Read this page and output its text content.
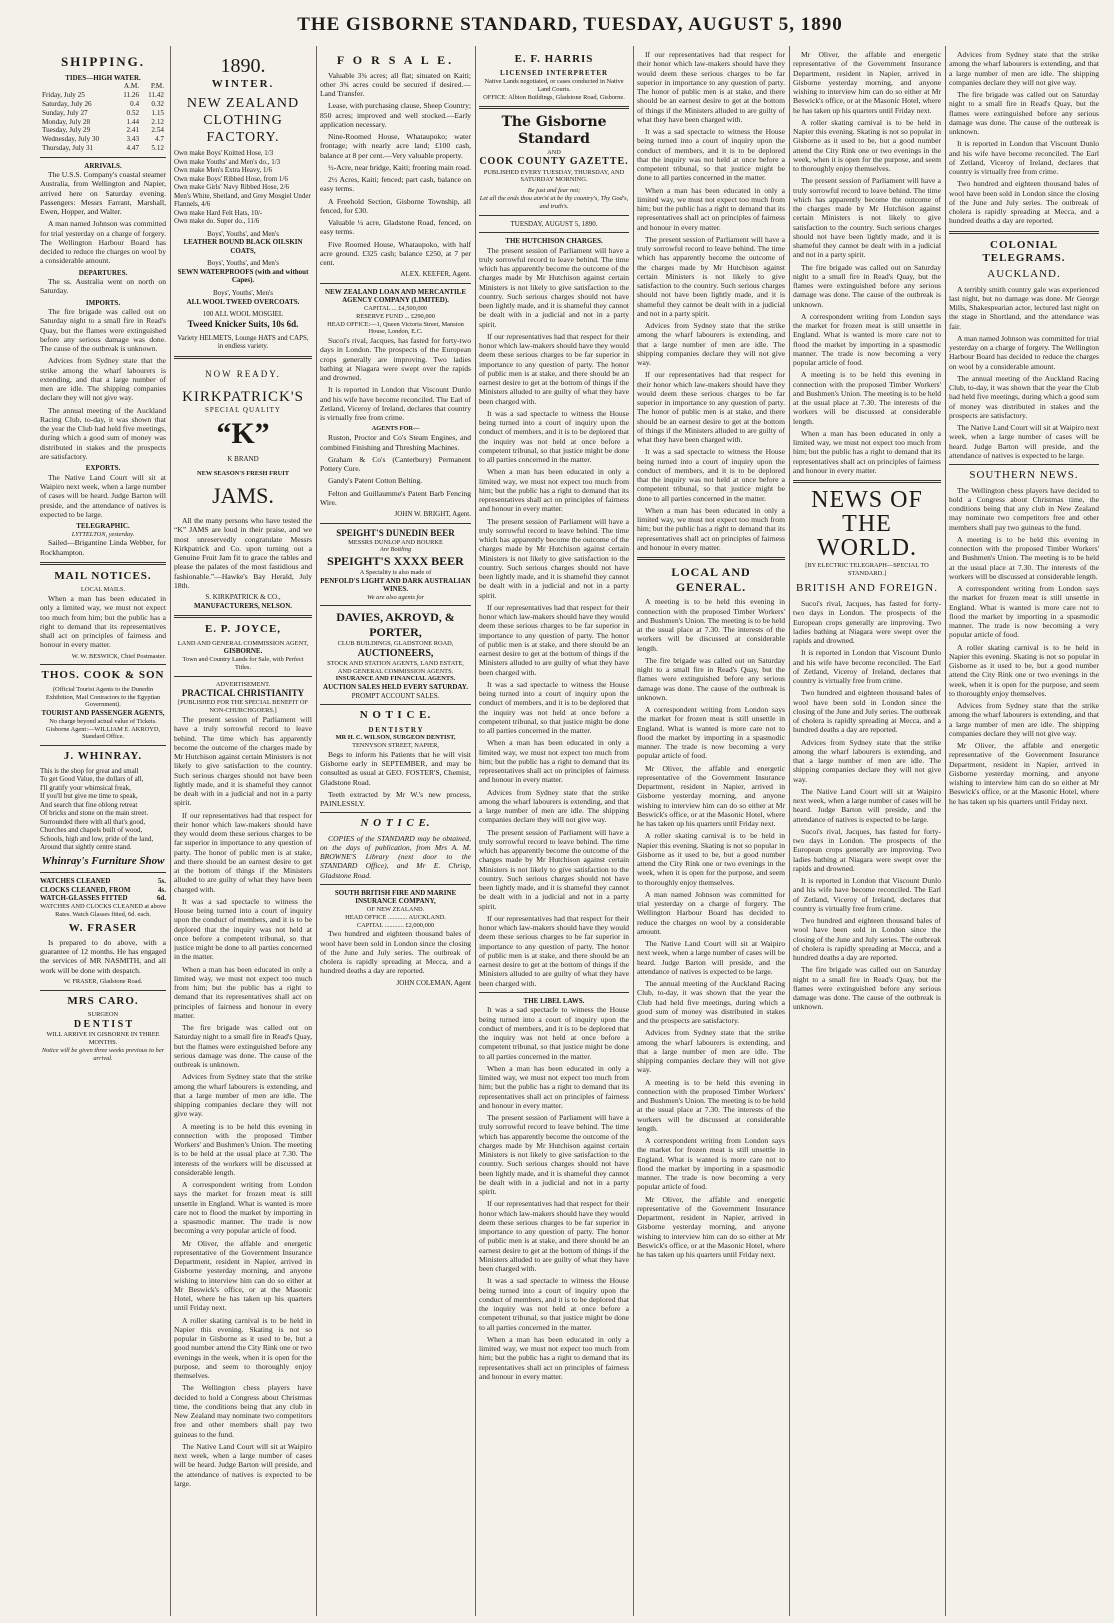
THE GISBORNE STANDARD, TUESDAY, AUGUST 5, 1890
SHIPPING.
TIDES—HIGH WATER.
	A.M.	P.M.
Friday, July 25	11.26	11.42
Saturday, July 26	0.4	0.32
Sunday, July 27	0.52	1.15
Monday, July 28	1.44	2.12
Tuesday, July 29	2.41	2.54
Wednesday, July 30	3.43	4.7
Thursday, July 31	4.47	5.12
ARRIVALS.

The U.S.S. Company's coastal steamer Australia, from Wellington and Napier, arrived here on Saturday evening. Passengers: Messrs Farrant, Marshall, Ewen, Hopper, and Walter.

A man named Johnson was committed for trial yesterday on a charge of forgery. The Wellington Harbour Board has decided to reduce the charges on wool by a considerable amount.

DEPARTURES.

The ss. Australia went on north on Saturday.

IMPORTS.

The fire brigade was called out on Saturday night to a small fire in Read's Quay, but the flames were extinguished before any serious damage was done. The cause of the outbreak is unknown.

Advices from Sydney state that the strike among the wharf labourers is extending, and that a large number of men are idle. The shipping companies declare they will not give way.

The annual meeting of the Auckland Racing Club, to-day, it was shown that the year the Club had held five meetings, during which a good sum of money was distributed in stakes and the prospects are satisfactory.

EXPORTS.

The Native Land Court will sit at Waipiro next week, when a large number of cases will be heard. Judge Barton will preside, and the attendance of natives is expected to be large.

TELEGRAPHIC.
LYTTELTON, yesterday.

Sailed—Brigantine Linda Webber, for Rockhampton.

MAIL NOTICES.
LOCAL MAILS.

When a man has been educated in only a limited way, we must not expect too much from him; but the public has a right to demand that its representatives shall act on principles of fairness and honour in every matter.

W. W. BESWICK, Chief Postmaster.
THOS. COOK & SON
(Official Tourist Agents to the Dunedin Exhibition, Mail Contractors to the Egyptian Government).
TOURIST AND PASSENGER AGENTS,
No charge beyond actual value of Tickets.
Gisborne Agent:—WILLIAM E. AKROYD, Standard Office.
J. WHINRAY.
This is the shop for great and small
To get Good Value, the dollars of all,
I'll gratify your whimsical freak,
If you'll but give me time to speak,
And search that fine oblong retreat
Of bricks and stone on the main street.
Surrounded there with all that's good,
Churches and chapels built of wood,
Schools, high and low, pride of the land,
Around that sightly centre stand.
Whinray's Furniture Show
WATCHES CLEANED	5s.
CLOCKS CLEANED, FROM	4s.
WATCH-GLASSES FITTED	6d.
WATCHES AND CLOCKS CLEANED at above Rates. Watch Glasses fitted, 6d. each.
W. FRASER

Is prepared to do above, with a guarantee of 12 months. He has engaged the services of MR NASMITH, and all work will be done with despatch.

W. FRASER, Gladstone Road.
MRS CARO.
SURGEON
D E N T I S T
WILL ARRIVE IN GISBORNE IN THREE MONTHS.
Notice will be given three weeks previous to her arrival.
1890.
WINTER.
NEW ZEALAND CLOTHING FACTORY.
Own make Boys' Knitted Hose, 1/3
Own make Youths' and Men's do., 1/3
Own make Men's Extra Heavy, 1/6
Own make Boys' Ribbed Hose, from 1/6
Own make Girls' Navy Ribbed Hose, 2/6
Men's White, Shetland, and Grey Mosgiel Under Flannels, 4/6
Own make Hard Felt Hats, 10/-
Own make do. Super do., 11/6
Boys', Youths', and Men's
LEATHER BOUND BLACK OILSKIN COATS,
Boys', Youths', and Men's
SEWN WATERPROOFS (with and without Capes).
Boys', Youths', Men's
ALL WOOL TWEED OVERCOATS.
100 ALL WOOL MOSGIEL
Tweed Knicker Suits, 10s 6d.
Variety HELMETS, Lounge HATS and CAPS, in endless variety.
NOW READY.
KIRKPATRICK'S
SPECIAL QUALITY
“K”
K BRAND
NEW SEASON'S FRESH FRUIT
JAMS.

All the many persons who have tested the “K” JAMS are loud in their praise, and we most unreservedly congratulate Messrs Kirkpatrick and Co. upon turning out a Genuine Fruit Jam fit to grace the tables and please the palates of the most fastidious and fashionable.”—Hawke's Bay Herald, July 18th.

S. KIRKPATRICK & CO.,
MANUFACTURERS, NELSON.
E. P. JOYCE,
LAND AND GENERAL COMMISSION AGENT,
GISBORNE.
Town and Country Lands for Sale, with Perfect Titles.
ADVERTISEMENT.
PRACTICAL CHRISTIANITY
[PUBLISHED FOR THE SPECIAL BENEFIT OF NON-CHURCHGOERS.]

The present session of Parliament will have a truly sorrowful record to leave behind. The time which has apparently become the outcome of the charges made by Mr Hutchison against certain Ministers is not likely to give satisfaction to the country. Such serious charges should not have been lightly made, and it is shameful they cannot be dealt with in a judicial and not in a party spirit.

If our representatives had that respect for their honor which law-makers should have they would deem these serious charges to be far superior in importance to any question of party. The honor of public men is at stake, and there should be an earnest desire to get at the bottom of things if the Ministers alluded to are guilty of what they have been charged with.

It was a sad spectacle to witness the House being turned into a court of inquiry upon the conduct of members, and it is to be deplored that the inquiry was not held at once before a competent tribunal, so that justice might be done to all parties concerned in the matter.

When a man has been educated in only a limited way, we must not expect too much from him; but the public has a right to demand that its representatives shall act on principles of fairness and honour in every matter.

The fire brigade was called out on Saturday night to a small fire in Read's Quay, but the flames were extinguished before any serious damage was done. The cause of the outbreak is unknown.

Advices from Sydney state that the strike among the wharf labourers is extending, and that a large number of men are idle. The shipping companies declare they will not give way.

A meeting is to be held this evening in connection with the proposed Timber Workers' and Bushmen's Union. The meeting is to be held at the usual place at 7.30. The interests of the workers will be discussed at considerable length.

A correspondent writing from London says the market for frozen meat is still unsettle in England. What is wanted is more care not to flood the market by importing in a spasmodic manner. The trade is now becoming a very popular article of food.

Mr Oliver, the affable and energetic representative of the Government Insurance Department, resident in Napier, arrived in Gisborne yesterday morning, and anyone wishing to interview him can do so either at Mr Beswick's office, or at the Masonic Hotel, where he has taken up his quarters until Friday next.

A roller skating carnival is to be held in Napier this evening. Skating is not so popular in Gisborne as it used to be, but a good number attend the City Rink one or two evenings in the week, when it is open for the purpose, and seem to thoroughly enjoy themselves.

The Wellington chess players have decided to hold a Congress about Christmas time, the conditions being that any club in New Zealand may nominate two competitors free and other members shall pay two guineas to the fund.

The Native Land Court will sit at Waipiro next week, when a large number of cases will be heard. Judge Barton will preside, and the attendance of natives is expected to be large.

F O R S A L E.

Valuable 3¾ acres; all flat; situated on Kaiti; other 3¾ acres could be secured if desired.—Land Transfer.

Lease, with purchasing clause, Sheep Country; 850 acres; improved and well stocked.—Early application necessary.

Nine-Roomed House, Whataupoko; water frontage; with nearly acre land; £100 cash, balance at 8 per cent.—Very valuable property.

½-Acre, near bridge, Kaiti; fronting main road.

2½ Acres, Kaiti; fenced; part cash, balance on easy terms.

A Freehold Section, Gisborne Township, all fenced, for £30.

Valuable ¼ acre, Gladstone Road, fenced, on easy terms.

Five Roomed House, Whataupoko, with half acre ground. £325 cash; balance £250, at 7 per cent.

ALEX. KEEFER, Agent.
NEW ZEALAND LOAN AND MERCANTILE AGENCY COMPANY (LIMITED).
CAPITAL ... £4,500,000
RESERVE FUND ... £290,000
HEAD OFFICE:—1, Queen Victoria Street, Mansion House, London, E.C.

Sucoi's rival, Jacques, has fasted for forty-two days in London. The prospects of the European crops generally are improving. Two ladies bathing at Niagara were swept over the rapids and drowned.

It is reported in London that Viscount Dunlo and his wife have become reconciled. The Earl of Zetland, Viceroy of Ireland, declares that country is virtually free from crime.

AGENTS FOR—

Ruston, Proctor and Co's Steam Engines, and combined Finishing and Threshing Machines.

Graham & Co's (Canterbury) Permanent Pottery Cure.

Gandy's Patent Cotton Belting.

Felton and Guillaumme's Patent Barb Fencing Wire.

JOHN W. BRIGHT, Agent.
SPEIGHT'S DUNEDIN BEER
MESSRS DUNLOP AND BOURKE
Are Bottling
SPEIGHT'S XXXX BEER
A Speciality is also made of
PENFOLD'S LIGHT AND DARK AUSTRALIAN WINES.
We are also agents for
DAVIES, AKROYD, & PORTER,
CLUB BUILDINGS, GLADSTONE ROAD,
AUCTIONEERS,
STOCK AND STATION AGENTS, LAND ESTATE, AND GENERAL COMMISSION AGENTS.
INSURANCE AND FINANCIAL AGENTS.
AUCTION SALES HELD EVERY SATURDAY.
PROMPT ACCOUNT SALES.
N O T I C E.
D E N T I S T R Y
MR H. C. WILSON, SURGEON DENTIST,
TENNYSON STREET, NAPIER,

Begs to inform his Patients that he will visit Gisborne early in SEPTEMBER, and may be consulted as usual at GEO. FOSTER'S, Chemist, Gladstone Road.

Teeth extracted by Mr W.'s new process, PAINLESSLY.

N O T I C E.

COPIES of the STANDARD may be obtained, on the days of publication, from Mrs A. M. BROWNE'S Library (next door to the STANDARD Office), and Mr E. Chrisp, Gladstone Road.

SOUTH BRITISH FIRE AND MARINE INSURANCE COMPANY,
OF NEW ZEALAND.
HEAD OFFICE ............ AUCKLAND.
CAPITAL ............ £2,000,000

Two hundred and eighteen thousand bales of wool have been sold in London since the closing of the June and July series. The outbreak of cholera is rapidly spreading at Mecca, and a hundred deaths a day are reported.

JOHN COLEMAN, Agent
E. F. HARRIS
LICENSED INTERPRETER
Native Lands negotiated, or cases conducted in Native Land Courts.
OFFICE: Albion Buildings, Gladstone Road, Gisborne.
The Gisborne Standard
AND
COOK COUNTY GAZETTE.
PUBLISHED EVERY TUESDAY, THURSDAY, AND SATURDAY MORNING.
Be just and fear not;
Let all the ends thou aim'st at be thy country's, Thy God's, and truth's.
TUESDAY, AUGUST 5, 1890.
THE HUTCHISON CHARGES.

The present session of Parliament will have a truly sorrowful record to leave behind. The time which has apparently become the outcome of the charges made by Mr Hutchison against certain Ministers is not likely to give satisfaction to the country. Such serious charges should not have been lightly made, and it is shameful they cannot be dealt with in a judicial and not in a party spirit.

If our representatives had that respect for their honor which law-makers should have they would deem these serious charges to be far superior in importance to any question of party. The honor of public men is at stake, and there should be an earnest desire to get at the bottom of things if the Ministers alluded to are guilty of what they have been charged with.

It was a sad spectacle to witness the House being turned into a court of inquiry upon the conduct of members, and it is to be deplored that the inquiry was not held at once before a competent tribunal, so that justice might be done to all parties concerned in the matter.

When a man has been educated in only a limited way, we must not expect too much from him; but the public has a right to demand that its representatives shall act on principles of fairness and honour in every matter.

The present session of Parliament will have a truly sorrowful record to leave behind. The time which has apparently become the outcome of the charges made by Mr Hutchison against certain Ministers is not likely to give satisfaction to the country. Such serious charges should not have been lightly made, and it is shameful they cannot be dealt with in a judicial and not in a party spirit.

If our representatives had that respect for their honor which law-makers should have they would deem these serious charges to be far superior in importance to any question of party. The honor of public men is at stake, and there should be an earnest desire to get at the bottom of things if the Ministers alluded to are guilty of what they have been charged with.

It was a sad spectacle to witness the House being turned into a court of inquiry upon the conduct of members, and it is to be deplored that the inquiry was not held at once before a competent tribunal, so that justice might be done to all parties concerned in the matter.

When a man has been educated in only a limited way, we must not expect too much from him; but the public has a right to demand that its representatives shall act on principles of fairness and honour in every matter.

Advices from Sydney state that the strike among the wharf labourers is extending, and that a large number of men are idle. The shipping companies declare they will not give way.

The present session of Parliament will have a truly sorrowful record to leave behind. The time which has apparently become the outcome of the charges made by Mr Hutchison against certain Ministers is not likely to give satisfaction to the country. Such serious charges should not have been lightly made, and it is shameful they cannot be dealt with in a judicial and not in a party spirit.

If our representatives had that respect for their honor which law-makers should have they would deem these serious charges to be far superior in importance to any question of party. The honor of public men is at stake, and there should be an earnest desire to get at the bottom of things if the Ministers alluded to are guilty of what they have been charged with.

THE LIBEL LAWS.

It was a sad spectacle to witness the House being turned into a court of inquiry upon the conduct of members, and it is to be deplored that the inquiry was not held at once before a competent tribunal, so that justice might be done to all parties concerned in the matter.

When a man has been educated in only a limited way, we must not expect too much from him; but the public has a right to demand that its representatives shall act on principles of fairness and honour in every matter.

The present session of Parliament will have a truly sorrowful record to leave behind. The time which has apparently become the outcome of the charges made by Mr Hutchison against certain Ministers is not likely to give satisfaction to the country. Such serious charges should not have been lightly made, and it is shameful they cannot be dealt with in a judicial and not in a party spirit.

If our representatives had that respect for their honor which law-makers should have they would deem these serious charges to be far superior in importance to any question of party. The honor of public men is at stake, and there should be an earnest desire to get at the bottom of things if the Ministers alluded to are guilty of what they have been charged with.

It was a sad spectacle to witness the House being turned into a court of inquiry upon the conduct of members, and it is to be deplored that the inquiry was not held at once before a competent tribunal, so that justice might be done to all parties concerned in the matter.

When a man has been educated in only a limited way, we must not expect too much from him; but the public has a right to demand that its representatives shall act on principles of fairness and honour in every matter.

If our representatives had that respect for their honor which law-makers should have they would deem these serious charges to be far superior in importance to any question of party. The honor of public men is at stake, and there should be an earnest desire to get at the bottom of things if the Ministers alluded to are guilty of what they have been charged with.

It was a sad spectacle to witness the House being turned into a court of inquiry upon the conduct of members, and it is to be deplored that the inquiry was not held at once before a competent tribunal, so that justice might be done to all parties concerned in the matter.

When a man has been educated in only a limited way, we must not expect too much from him; but the public has a right to demand that its representatives shall act on principles of fairness and honour in every matter.

The present session of Parliament will have a truly sorrowful record to leave behind. The time which has apparently become the outcome of the charges made by Mr Hutchison against certain Ministers is not likely to give satisfaction to the country. Such serious charges should not have been lightly made, and it is shameful they cannot be dealt with in a judicial and not in a party spirit.

Advices from Sydney state that the strike among the wharf labourers is extending, and that a large number of men are idle. The shipping companies declare they will not give way.

If our representatives had that respect for their honor which law-makers should have they would deem these serious charges to be far superior in importance to any question of party. The honor of public men is at stake, and there should be an earnest desire to get at the bottom of things if the Ministers alluded to are guilty of what they have been charged with.

It was a sad spectacle to witness the House being turned into a court of inquiry upon the conduct of members, and it is to be deplored that the inquiry was not held at once before a competent tribunal, so that justice might be done to all parties concerned in the matter.

When a man has been educated in only a limited way, we must not expect too much from him; but the public has a right to demand that its representatives shall act on principles of fairness and honour in every matter.

LOCAL AND GENERAL.

A meeting is to be held this evening in connection with the proposed Timber Workers' and Bushmen's Union. The meeting is to be held at the usual place at 7.30. The interests of the workers will be discussed at considerable length.

The fire brigade was called out on Saturday night to a small fire in Read's Quay, but the flames were extinguished before any serious damage was done. The cause of the outbreak is unknown.

A correspondent writing from London says the market for frozen meat is still unsettle in England. What is wanted is more care not to flood the market by importing in a spasmodic manner. The trade is now becoming a very popular article of food.

Mr Oliver, the affable and energetic representative of the Government Insurance Department, resident in Napier, arrived in Gisborne yesterday morning, and anyone wishing to interview him can do so either at Mr Beswick's office, or at the Masonic Hotel, where he has taken up his quarters until Friday next.

A roller skating carnival is to be held in Napier this evening. Skating is not so popular in Gisborne as it used to be, but a good number attend the City Rink one or two evenings in the week, when it is open for the purpose, and seem to thoroughly enjoy themselves.

A man named Johnson was committed for trial yesterday on a charge of forgery. The Wellington Harbour Board has decided to reduce the charges on wool by a considerable amount.

The Native Land Court will sit at Waipiro next week, when a large number of cases will be heard. Judge Barton will preside, and the attendance of natives is expected to be large.

The annual meeting of the Auckland Racing Club, to-day, it was shown that the year the Club had held five meetings, during which a good sum of money was distributed in stakes and the prospects are satisfactory.

Advices from Sydney state that the strike among the wharf labourers is extending, and that a large number of men are idle. The shipping companies declare they will not give way.

A meeting is to be held this evening in connection with the proposed Timber Workers' and Bushmen's Union. The meeting is to be held at the usual place at 7.30. The interests of the workers will be discussed at considerable length.

A correspondent writing from London says the market for frozen meat is still unsettle in England. What is wanted is more care not to flood the market by importing in a spasmodic manner. The trade is now becoming a very popular article of food.

Mr Oliver, the affable and energetic representative of the Government Insurance Department, resident in Napier, arrived in Gisborne yesterday morning, and anyone wishing to interview him can do so either at Mr Beswick's office, or at the Masonic Hotel, where he has taken up his quarters until Friday next.

Mr Oliver, the affable and energetic representative of the Government Insurance Department, resident in Napier, arrived in Gisborne yesterday morning, and anyone wishing to interview him can do so either at Mr Beswick's office, or at the Masonic Hotel, where he has taken up his quarters until Friday next.

A roller skating carnival is to be held in Napier this evening. Skating is not so popular in Gisborne as it used to be, but a good number attend the City Rink one or two evenings in the week, when it is open for the purpose, and seem to thoroughly enjoy themselves.

The present session of Parliament will have a truly sorrowful record to leave behind. The time which has apparently become the outcome of the charges made by Mr Hutchison against certain Ministers is not likely to give satisfaction to the country. Such serious charges should not have been lightly made, and it is shameful they cannot be dealt with in a judicial and not in a party spirit.

The fire brigade was called out on Saturday night to a small fire in Read's Quay, but the flames were extinguished before any serious damage was done. The cause of the outbreak is unknown.

A correspondent writing from London says the market for frozen meat is still unsettle in England. What is wanted is more care not to flood the market by importing in a spasmodic manner. The trade is now becoming a very popular article of food.

A meeting is to be held this evening in connection with the proposed Timber Workers' and Bushmen's Union. The meeting is to be held at the usual place at 7.30. The interests of the workers will be discussed at considerable length.

When a man has been educated in only a limited way, we must not expect too much from him; but the public has a right to demand that its representatives shall act on principles of fairness and honour in every matter.

NEWS OF THE WORLD.
[BY ELECTRIC TELEGRAPH—SPECIAL TO STANDARD.]
BRITISH AND FOREIGN.

Sucoi's rival, Jacques, has fasted for forty-two days in London. The prospects of the European crops generally are improving. Two ladies bathing at Niagara were swept over the rapids and drowned.

It is reported in London that Viscount Dunlo and his wife have become reconciled. The Earl of Zetland, Viceroy of Ireland, declares that country is virtually free from crime.

Two hundred and eighteen thousand bales of wool have been sold in London since the closing of the June and July series. The outbreak of cholera is rapidly spreading at Mecca, and a hundred deaths a day are reported.

Advices from Sydney state that the strike among the wharf labourers is extending, and that a large number of men are idle. The shipping companies declare they will not give way.

The Native Land Court will sit at Waipiro next week, when a large number of cases will be heard. Judge Barton will preside, and the attendance of natives is expected to be large.

Sucoi's rival, Jacques, has fasted for forty-two days in London. The prospects of the European crops generally are improving. Two ladies bathing at Niagara were swept over the rapids and drowned.

It is reported in London that Viscount Dunlo and his wife have become reconciled. The Earl of Zetland, Viceroy of Ireland, declares that country is virtually free from crime.

Two hundred and eighteen thousand bales of wool have been sold in London since the closing of the June and July series. The outbreak of cholera is rapidly spreading at Mecca, and a hundred deaths a day are reported.

The fire brigade was called out on Saturday night to a small fire in Read's Quay, but the flames were extinguished before any serious damage was done. The cause of the outbreak is unknown.

Advices from Sydney state that the strike among the wharf labourers is extending, and that a large number of men are idle. The shipping companies declare they will not give way.

The fire brigade was called out on Saturday night to a small fire in Read's Quay, but the flames were extinguished before any serious damage was done. The cause of the outbreak is unknown.

It is reported in London that Viscount Dunlo and his wife have become reconciled. The Earl of Zetland, Viceroy of Ireland, declares that country is virtually free from crime.

Two hundred and eighteen thousand bales of wool have been sold in London since the closing of the June and July series. The outbreak of cholera is rapidly spreading at Mecca, and a hundred deaths a day are reported.

COLONIAL TELEGRAMS.
AUCKLAND.

A terribly smith country gale was experienced last night, but no damage was done. Mr George Mills, Shakespearian actor, lectured last night on the stage in Shortland, and the attendance was fair.

A man named Johnson was committed for trial yesterday on a charge of forgery. The Wellington Harbour Board has decided to reduce the charges on wool by a considerable amount.

The annual meeting of the Auckland Racing Club, to-day, it was shown that the year the Club had held five meetings, during which a good sum of money was distributed in stakes and the prospects are satisfactory.

The Native Land Court will sit at Waipiro next week, when a large number of cases will be heard. Judge Barton will preside, and the attendance of natives is expected to be large.

SOUTHERN NEWS.

The Wellington chess players have decided to hold a Congress about Christmas time, the conditions being that any club in New Zealand may nominate two competitors free and other members shall pay two guineas to the fund.

A meeting is to be held this evening in connection with the proposed Timber Workers' and Bushmen's Union. The meeting is to be held at the usual place at 7.30. The interests of the workers will be discussed at considerable length.

A correspondent writing from London says the market for frozen meat is still unsettle in England. What is wanted is more care not to flood the market by importing in a spasmodic manner. The trade is now becoming a very popular article of food.

A roller skating carnival is to be held in Napier this evening. Skating is not so popular in Gisborne as it used to be, but a good number attend the City Rink one or two evenings in the week, when it is open for the purpose, and seem to thoroughly enjoy themselves.

Advices from Sydney state that the strike among the wharf labourers is extending, and that a large number of men are idle. The shipping companies declare they will not give way.

Mr Oliver, the affable and energetic representative of the Government Insurance Department, resident in Napier, arrived in Gisborne yesterday morning, and anyone wishing to interview him can do so either at Mr Beswick's office, or at the Masonic Hotel, where he has taken up his quarters until Friday next.
